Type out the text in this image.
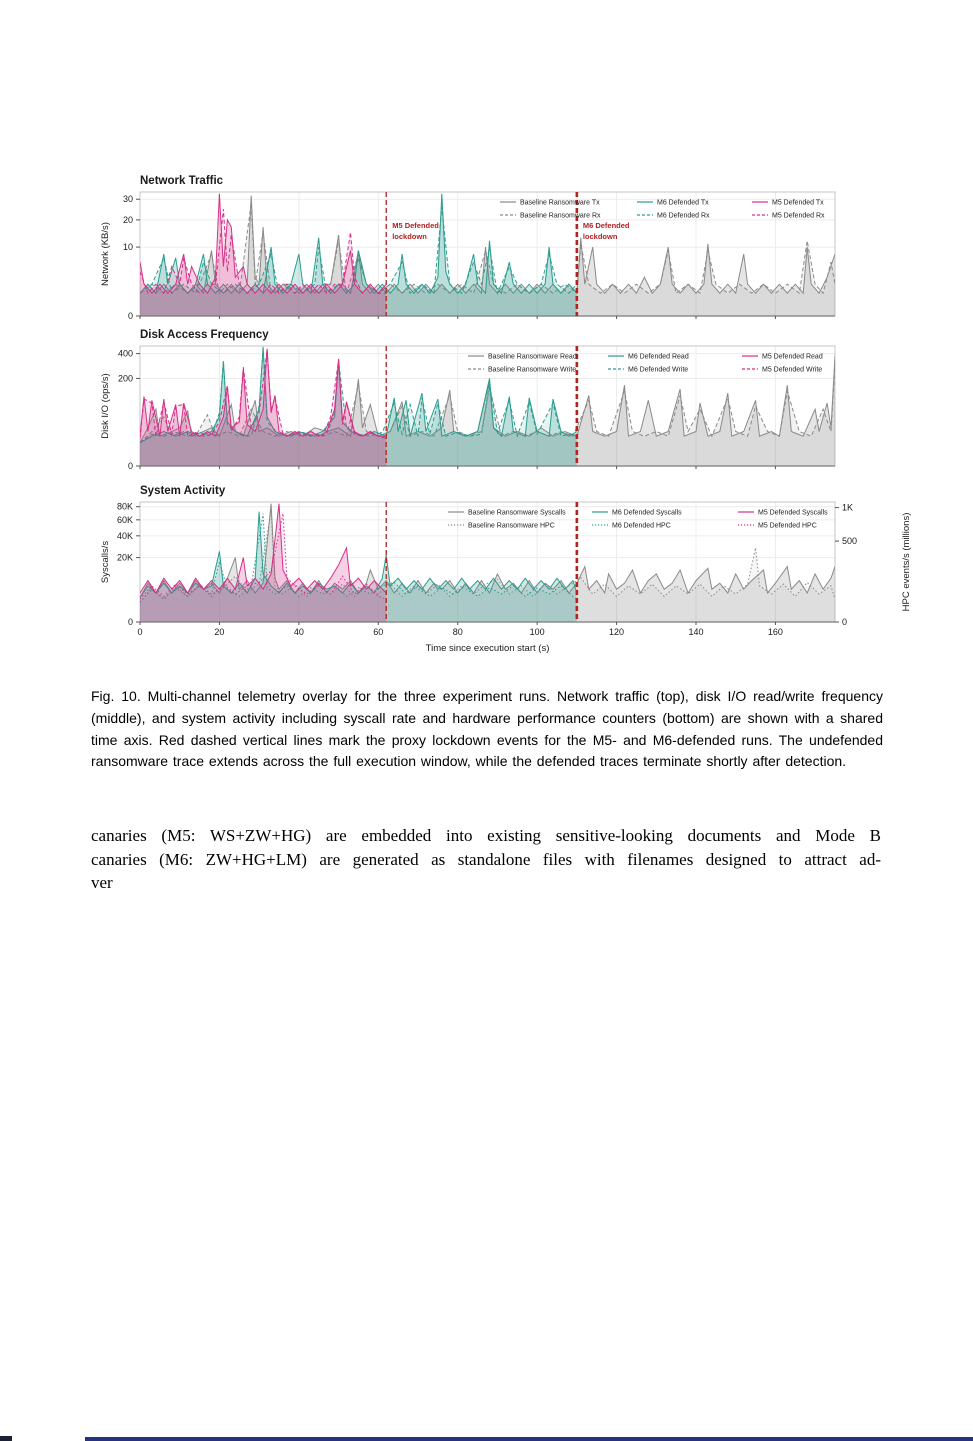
Network Traffic
0
10
20
30
Network (KB/s)	M5 Defended
lockdown
M6 Defended
lockdown
Baseline Ransomware Tx
Baseline Ransomware Rx
M6 Defended Tx
M6 Defended Rx
M5 Defended Tx
M5 Defended Rx
Disk Access Frequency
0
200
400
Disk I/O (ops/s)
Baseline Ransomware Read
Baseline Ransomware Write
M6 Defended Read
M6 Defended Write
M5 Defended Read
M5 Defended Write
System Activity
0
20K
40K
60K
80K
0
500
1K
HPC events/s (millions)
Syscalls/s
Baseline Ransomware Syscalls
Baseline Ransomware HPC
M6 Defended Syscalls
M6 Defended HPC
M5 Defended Syscalls
M5 Defended HPC
0	20	40	60	80	100	120	140	160
Time since execution start (s)
Fig. 10. Multi-channel telemetry overlay for the three experiment runs. Network traffic (top), disk I/O read/write frequency (middle), and system activity including syscall rate and hardware performance counters (bottom) are shown with a shared time axis. Red dashed vertical lines mark the proxy lockdown events for the M5- and M6-defended runs. The undefended ransomware trace extends across the full execution window, while the defended traces terminate shortly after detection.
canaries (M5: WS+ZW+HG) are embedded into existing sensitive-looking documents and Mode B
canaries (M6: ZW+HG+LM) are generated as standalone files with filenames designed to attract ad-
ver
